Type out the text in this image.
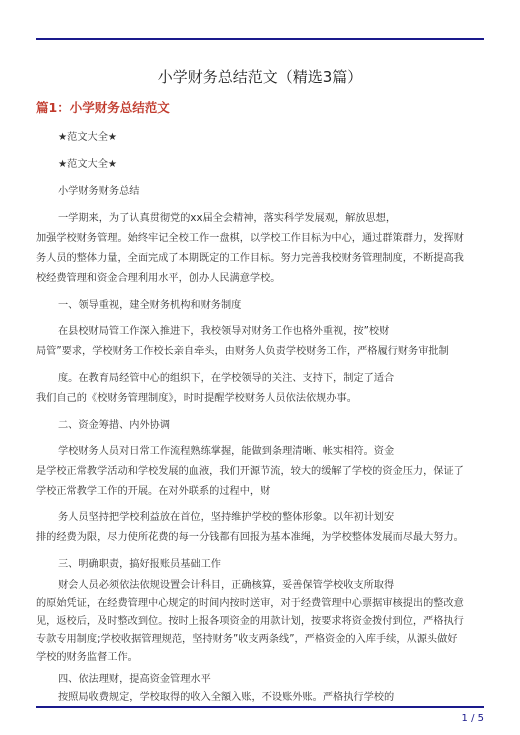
小学财务总结范文（精选3篇）
篇1：小学财务总结范文
★范文大全★
★范文大全★
小学财务财务总结
一学期来，为了认真贯彻党的xx届全会精神，落实科学发展观，解放思想，
加强学校财务管理。始终牢记全校工作一盘棋，以学校工作目标为中心，通过群策群力，发挥财
务人员的整体力量，全面完成了本期既定的工作目标。努力完善我校财务管理制度，不断提高我
校经费管理和资金合理利用水平，创办人民满意学校。
一、领导重视，建全财务机构和财务制度
在县校财局管工作深入推进下，我校领导对财务工作也格外重视，按”校财
局管”要求，学校财务工作校长亲自牵头，由财务人负责学校财务工作，严格履行财务审批制
度。在教育局经管中心的组织下，在学校领导的关注、支持下，制定了适合
我们自己的《校财务管理制度》，时时提醒学校财务人员依法依规办事。
二、资金筹措、内外协调
学校财务人员对日常工作流程熟练掌握，能做到条理清晰、帐实相符。资金
是学校正常教学活动和学校发展的血液，我们开源节流，较大的缓解了学校的资金压力，保证了
学校正常教学工作的开展。在对外联系的过程中，财
务人员坚持把学校利益放在首位，坚持维护学校的整体形象。以年初计划安
排的经费为限，尽力使所花费的每一分钱都有回报为基本准绳，为学校整体发展而尽最大努力。
三、明确职责，搞好报账员基础工作
财会人员必须依法依规设置会计科目，正确核算，妥善保管学校收支所取得
的原始凭证，在经费管理中心规定的时间内按时送审，对于经费管理中心票据审核提出的整改意
见，返校后，及时整改到位。按时上报各项资金的用款计划，按要求将资金拨付到位，严格执行
专款专用制度;学校收据管理规范，坚持财务”收支两条线”，严格资金的入库手续，从源头做好
学校的财务监督工作。
四、依法理财，提高资金管理水平
1 / 5
按照局收费规定，学校取得的收入全額入账，不设账外账。严格执行学校的
